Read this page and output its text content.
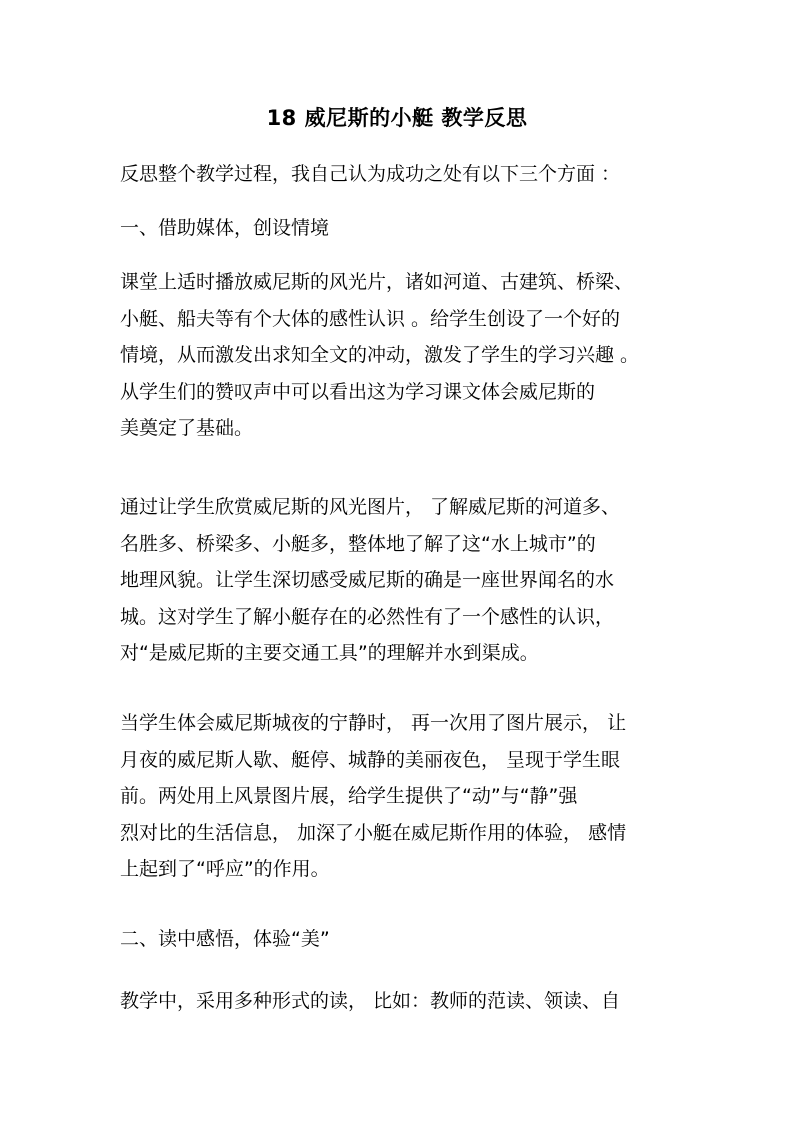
18 威尼斯的小艇 教学反思
反思整个教学过程，我自己认为成功之处有以下三个方面 ：
一、借助媒体，创设情境
课堂上适时播放威尼斯的风光片，诸如河道、古建筑、桥梁、
小艇、船夫等有个大体的感性认识 。给学生创设了一个好的
情境，从而激发出求知全文的冲动，激发了学生的学习兴趣 。
从学生们的赞叹声中可以看出这为学习课文体会威尼斯的
美奠定了基础。
通过让学生欣赏威尼斯的风光图片， 了解威尼斯的河道多、
名胜多、桥梁多、小艇多，整体地了解了这“水上城市”的
地理风貌。让学生深切感受威尼斯的确是一座世界闻名的水
城。这对学生了解小艇存在的必然性有了一个感性的认识，
对“是威尼斯的主要交通工具”的理解并水到渠成。
当学生体会威尼斯城夜的宁静时， 再一次用了图片展示， 让
月夜的威尼斯人歇、艇停、城静的美丽夜色， 呈现于学生眼
前。两处用上风景图片展，给学生提供了“动”与“静”强
烈对比的生活信息， 加深了小艇在威尼斯作用的体验， 感情
上起到了“呼应”的作用。
二、读中感悟，体验“美”
教学中，采用多种形式的读， 比如：教师的范读、领读、自
